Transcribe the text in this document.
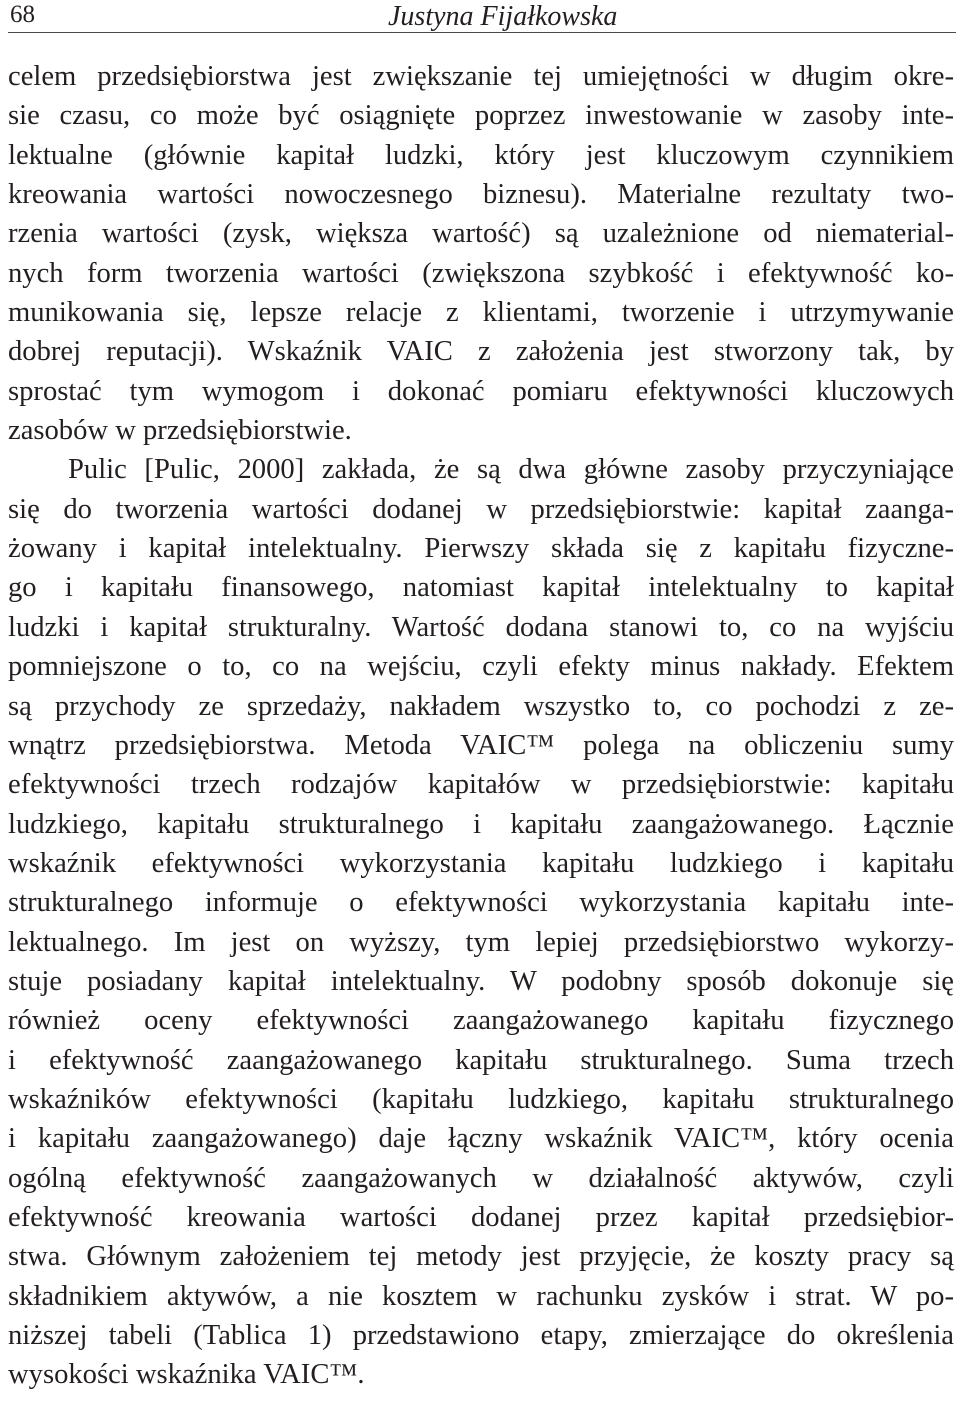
68	Justyna Fijałkowska
celem przedsiębiorstwa jest zwiększanie tej umiejętności w długim okre-
sie czasu, co może być osiągnięte poprzez inwestowanie w zasoby inte-
lektualne (głównie kapitał ludzki, który jest kluczowym czynnikiem
kreowania wartości nowoczesnego biznesu). Materialne rezultaty two-
rzenia wartości (zysk, większa wartość) są uzależnione od niematerial-
nych form tworzenia wartości (zwiększona szybkość i efektywność ko-
munikowania się, lepsze relacje z klientami, tworzenie i utrzymywanie
dobrej reputacji). Wskaźnik VAIC z założenia jest stworzony tak, by
sprostać tym wymogom i dokonać pomiaru efektywności kluczowych
zasobów w przedsiębiorstwie.
Pulic [Pulic, 2000] zakłada, że są dwa główne zasoby przyczyniające
się do tworzenia wartości dodanej w przedsiębiorstwie: kapitał zaanga-
żowany i kapitał intelektualny. Pierwszy składa się z kapitału fizyczne-
go i kapitału finansowego, natomiast kapitał intelektualny to kapitał
ludzki i kapitał strukturalny. Wartość dodana stanowi to, co na wyjściu
pomniejszone o to, co na wejściu, czyli efekty minus nakłady. Efektem
są przychody ze sprzedaży, nakładem wszystko to, co pochodzi z ze-
wnątrz przedsiębiorstwa. Metoda VAIC™ polega na obliczeniu sumy
efektywności trzech rodzajów kapitałów w przedsiębiorstwie: kapitału
ludzkiego, kapitału strukturalnego i kapitału zaangażowanego. Łącznie
wskaźnik efektywności wykorzystania kapitału ludzkiego i kapitału
strukturalnego informuje o efektywności wykorzystania kapitału inte-
lektualnego. Im jest on wyższy, tym lepiej przedsiębiorstwo wykorzy-
stuje posiadany kapitał intelektualny. W podobny sposób dokonuje się
również oceny efektywności zaangażowanego kapitału fizycznego
i efektywność zaangażowanego kapitału strukturalnego. Suma trzech
wskaźników efektywności (kapitału ludzkiego, kapitału strukturalnego
i kapitału zaangażowanego) daje łączny wskaźnik VAIC™, który ocenia
ogólną efektywność zaangażowanych w działalność aktywów, czyli
efektywność kreowania wartości dodanej przez kapitał przedsiębior-
stwa. Głównym założeniem tej metody jest przyjęcie, że koszty pracy są
składnikiem aktywów, a nie kosztem w rachunku zysków i strat. W po-
niższej tabeli (Tablica 1) przedstawiono etapy, zmierzające do określenia
wysokości wskaźnika VAIC™.
